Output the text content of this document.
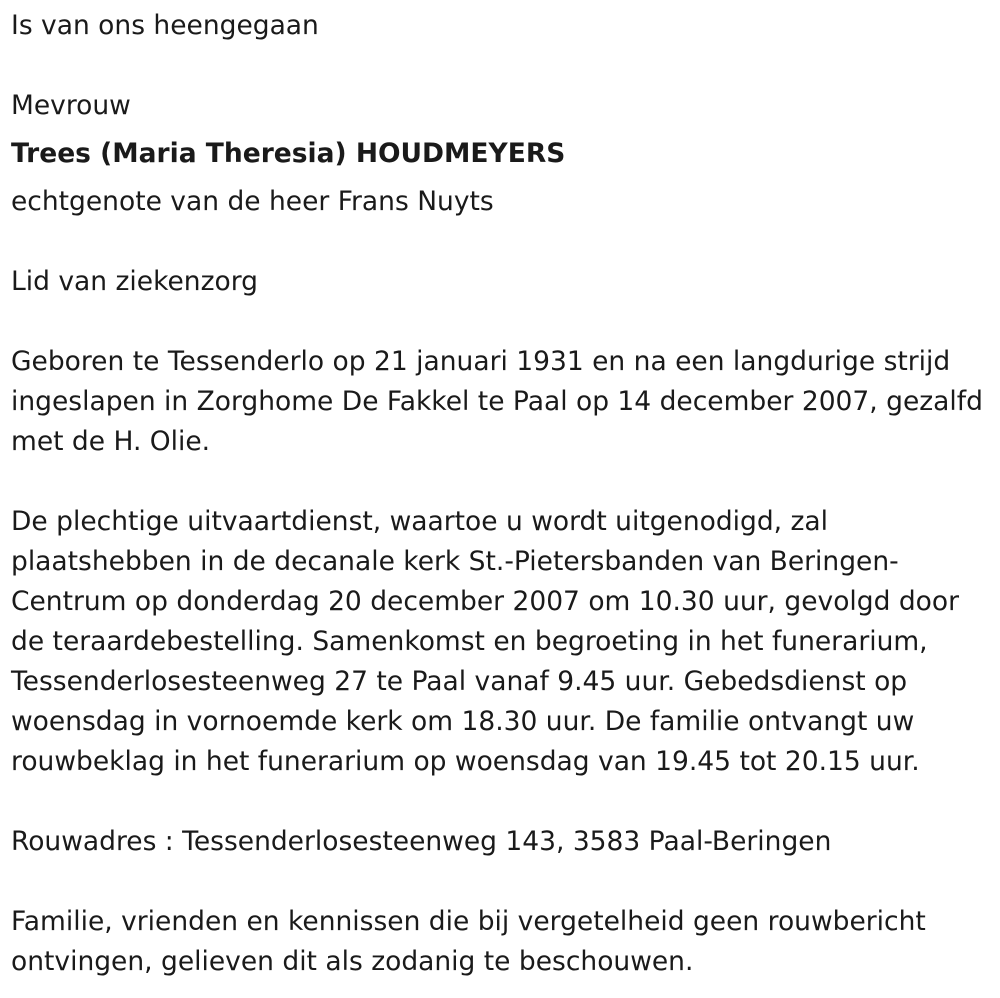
Is van ons heengegaan
Mevrouw
Trees (Maria Theresia) HOUDMEYERS
echtgenote van de heer Frans Nuyts
Lid van ziekenzorg
Geboren te Tessenderlo op 21 januari 1931 en na een langdurige strijd
ingeslapen in Zorghome De Fakkel te Paal op 14 december 2007, gezalfd
met de H. Olie.
De plechtige uitvaartdienst, waartoe u wordt uitgenodigd, zal
plaatshebben in de decanale kerk St.-Pietersbanden van Beringen-
Centrum op donderdag 20 december 2007 om 10.30 uur, gevolgd door
de teraardebestelling. Samenkomst en begroeting in het funerarium,
Tessenderlosesteenweg 27 te Paal vanaf 9.45 uur. Gebedsdienst op
woensdag in vornoemde kerk om 18.30 uur. De familie ontvangt uw
rouwbeklag in het funerarium op woensdag van 19.45 tot 20.15 uur.
Rouwadres : Tessenderlosesteenweg 143, 3583 Paal-Beringen
Familie, vrienden en kennissen die bij vergetelheid geen rouwbericht
ontvingen, gelieven dit als zodanig te beschouwen.
